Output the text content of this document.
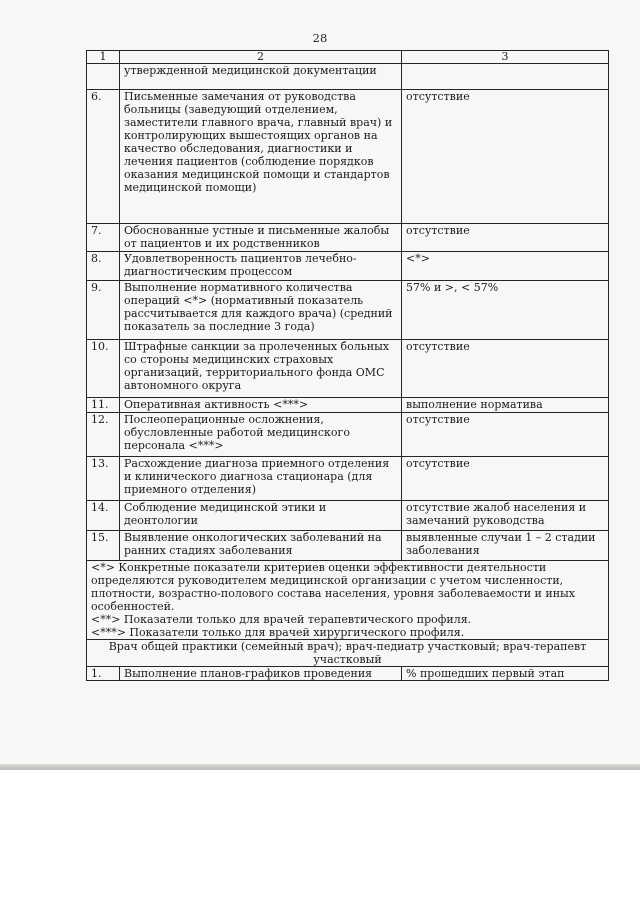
28
1	2	3
	утвержденной медицинской документации	
6.	Письменные замечания от руководства больницы (заведующий отделением, заместители главного врача, главный врач) и контролирующих вышестоящих органов на качество обследования, диагностики и лечения пациентов (соблюдение порядков оказания медицинской помощи и стандартов медицинской помощи)	отсутствие
7.	Обоснованные устные и письменные жалобы от пациентов и их родственников	отсутствие
8.	Удовлетворенность пациентов лечебно-диагностическим процессом	<*>
9.	Выполнение нормативного количества операций <*> (нормативный показатель рассчитывается для каждого врача) (средний показатель за последние 3 года)	57% и >, < 57%
10.	Штрафные санкции за пролеченных больных со стороны медицинских страховых организаций, территориального фонда ОМС автономного округа	отсутствие
11.	Оперативная активность <***>	выполнение норматива
12.	Послеоперационные осложнения, обусловленные работой медицинского персонала <***>	отсутствие
13.	Расхождение диагноза приемного отделения и клинического диагноза стационара (для приемного отделения)	отсутствие
14.	Соблюдение медицинской этики и деонтологии	отсутствие жалоб населения и замечаний руководства
15.	Выявление онкологических заболеваний на ранних стадиях заболевания	выявленные случаи 1 – 2 стадии заболевания

<*> Конкретные показатели критериев оценки эффективности деятельности определяются руководителем медицинской организации с учетом численности, плотности, возрастно-полового состава населения, уровня заболеваемости и иных особенностей.

<**> Показатели только для врачей терапевтического профиля.

<***> Показатели только для врачей хирургического профиля.		

Врач общей практики (семейный врач); врач-педиатр участковый; врач-терапевт участковый		
1.	Выполнение планов-графиков проведения	% прошедших первый этап
